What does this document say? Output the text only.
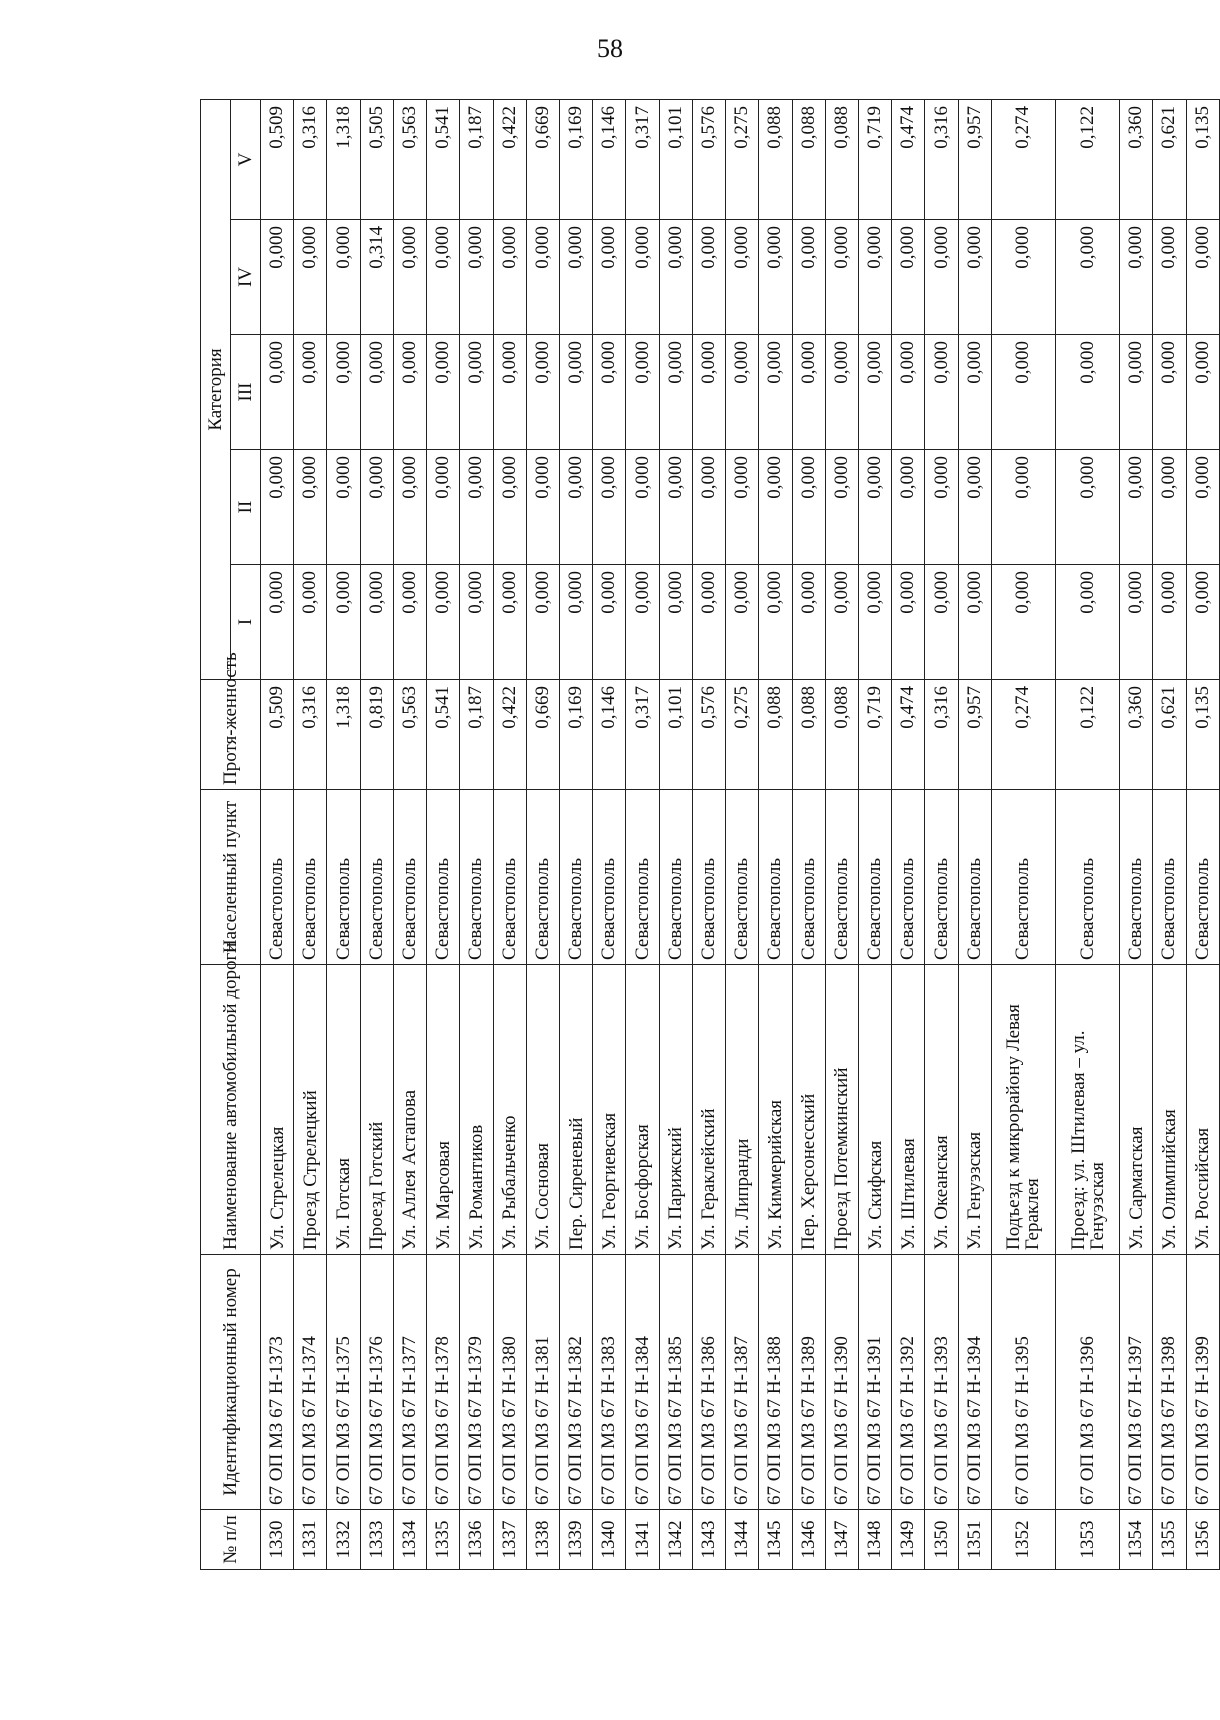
58
№ п/п	Идентификационный номер	Наименование автомобильной дороги	Населенный пункт	Протя-женность	Категория				
					I	II	III	IV	V
1330	67 ОП МЗ 67 Н-1373	Ул. Стрелецкая	Севастополь	0,509	0,000	0,000	0,000	0,000	0,509
1331	67 ОП МЗ 67 Н-1374	Проезд Стрелецкий	Севастополь	0,316	0,000	0,000	0,000	0,000	0,316
1332	67 ОП МЗ 67 Н-1375	Ул. Готская	Севастополь	1,318	0,000	0,000	0,000	0,000	1,318
1333	67 ОП МЗ 67 Н-1376	Проезд Готский	Севастополь	0,819	0,000	0,000	0,000	0,314	0,505
1334	67 ОП МЗ 67 Н-1377	Ул. Аллея Астапова	Севастополь	0,563	0,000	0,000	0,000	0,000	0,563
1335	67 ОП МЗ 67 Н-1378	Ул. Марсовая	Севастополь	0,541	0,000	0,000	0,000	0,000	0,541
1336	67 ОП МЗ 67 Н-1379	Ул. Романтиков	Севастополь	0,187	0,000	0,000	0,000	0,000	0,187
1337	67 ОП МЗ 67 Н-1380	Ул. Рыбальченко	Севастополь	0,422	0,000	0,000	0,000	0,000	0,422
1338	67 ОП МЗ 67 Н-1381	Ул. Сосновая	Севастополь	0,669	0,000	0,000	0,000	0,000	0,669
1339	67 ОП МЗ 67 Н-1382	Пер. Сиреневый	Севастополь	0,169	0,000	0,000	0,000	0,000	0,169
1340	67 ОП МЗ 67 Н-1383	Ул. Георгиевская	Севастополь	0,146	0,000	0,000	0,000	0,000	0,146
1341	67 ОП МЗ 67 Н-1384	Ул. Босфорская	Севастополь	0,317	0,000	0,000	0,000	0,000	0,317
1342	67 ОП МЗ 67 Н-1385	Ул. Парижский	Севастополь	0,101	0,000	0,000	0,000	0,000	0,101
1343	67 ОП МЗ 67 Н-1386	Ул. Гераклейский	Севастополь	0,576	0,000	0,000	0,000	0,000	0,576
1344	67 ОП МЗ 67 Н-1387	Ул. Липранди	Севастополь	0,275	0,000	0,000	0,000	0,000	0,275
1345	67 ОП МЗ 67 Н-1388	Ул. Киммерийская	Севастополь	0,088	0,000	0,000	0,000	0,000	0,088
1346	67 ОП МЗ 67 Н-1389	Пер. Херсонесский	Севастополь	0,088	0,000	0,000	0,000	0,000	0,088
1347	67 ОП МЗ 67 Н-1390	Проезд Потемкинский	Севастополь	0,088	0,000	0,000	0,000	0,000	0,088
1348	67 ОП МЗ 67 Н-1391	Ул. Скифская	Севастополь	0,719	0,000	0,000	0,000	0,000	0,719
1349	67 ОП МЗ 67 Н-1392	Ул. Штилевая	Севастополь	0,474	0,000	0,000	0,000	0,000	0,474
1350	67 ОП МЗ 67 Н-1393	Ул. Океанская	Севастополь	0,316	0,000	0,000	0,000	0,000	0,316
1351	67 ОП МЗ 67 Н-1394	Ул. Генуэзская	Севастополь	0,957	0,000	0,000	0,000	0,000	0,957
1352	67 ОП МЗ 67 Н-1395	Подъезд к микрорайону Левая Гераклея	Севастополь	0,274	0,000	0,000	0,000	0,000	0,274
1353	67 ОП МЗ 67 Н-1396	Проезд: ул. Штилевая – ул. Генуэзская	Севастополь	0,122	0,000	0,000	0,000	0,000	0,122
1354	67 ОП МЗ 67 Н-1397	Ул. Сарматская	Севастополь	0,360	0,000	0,000	0,000	0,000	0,360
1355	67 ОП МЗ 67 Н-1398	Ул. Олимпийская	Севастополь	0,621	0,000	0,000	0,000	0,000	0,621
1356	67 ОП МЗ 67 Н-1399	Ул. Российская	Севастополь	0,135	0,000	0,000	0,000	0,000	0,135
